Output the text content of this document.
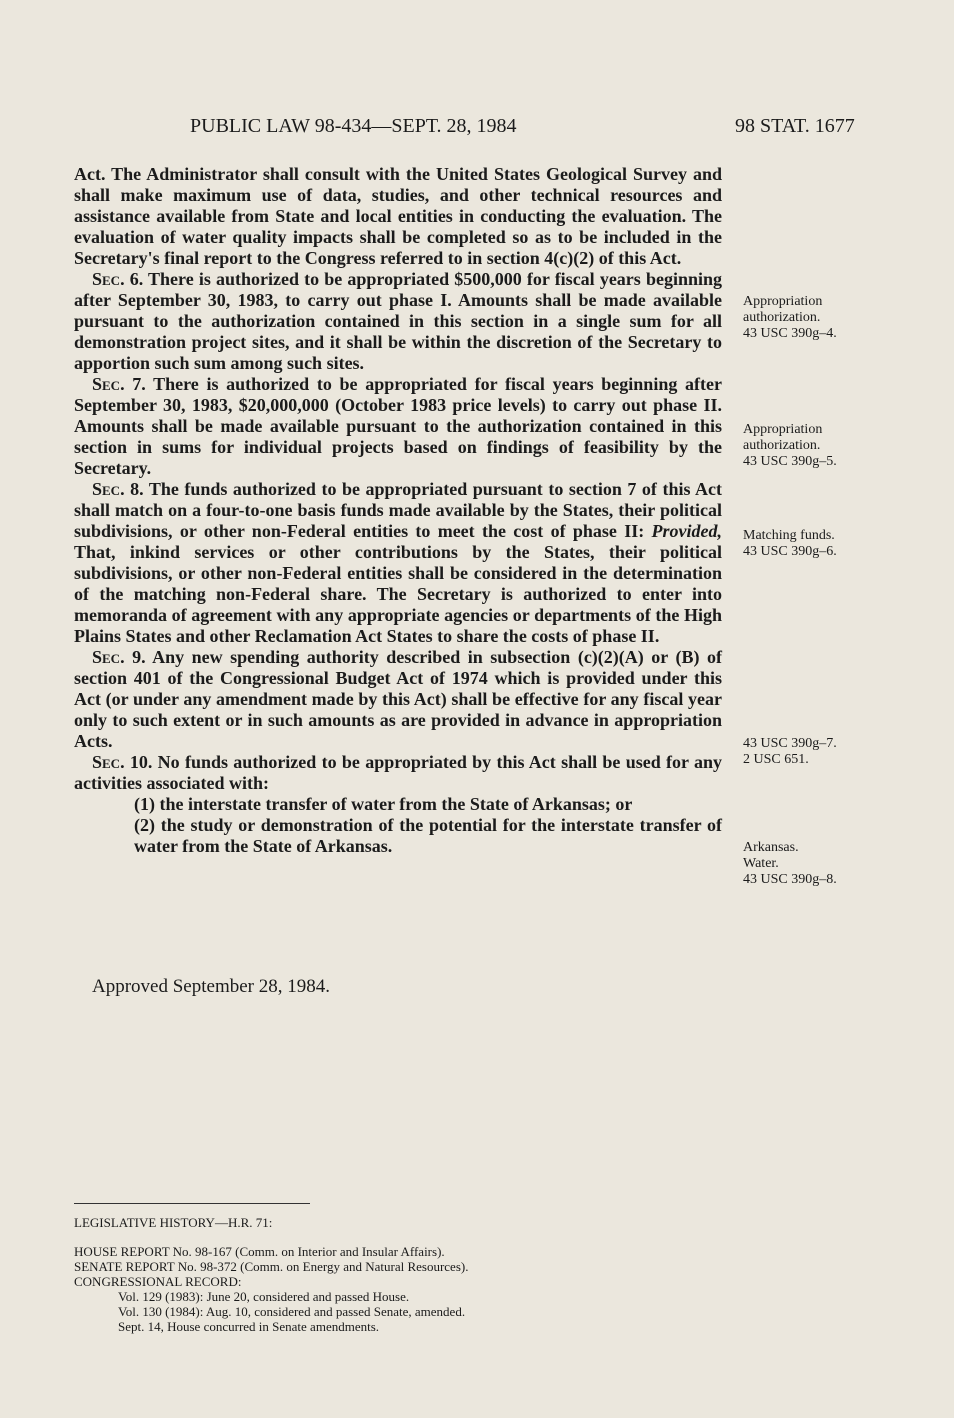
PUBLIC LAW 98-434—SEPT. 28, 1984	98 STAT. 1677

Act. The Administrator shall consult with the United States Geological Survey and shall make maximum use of data, studies, and other technical resources and assistance available from State and local entities in conducting the evaluation. The evaluation of water quality impacts shall be completed so as to be included in the Secretary's final report to the Congress referred to in section 4(c)(2) of this Act.

Sec. 6. There is authorized to be appropriated $500,000 for fiscal years beginning after September 30, 1983, to carry out phase I. Amounts shall be made available pursuant to the authorization contained in this section in a single sum for all demonstration project sites, and it shall be within the discretion of the Secretary to apportion such sum among such sites.

Sec. 7. There is authorized to be appropriated for fiscal years beginning after September 30, 1983, $20,000,000 (October 1983 price levels) to carry out phase II. Amounts shall be made available pursuant to the authorization contained in this section in sums for individual projects based on findings of feasibility by the Secretary.

Sec. 8. The funds authorized to be appropriated pursuant to section 7 of this Act shall match on a four-to-one basis funds made available by the States, their political subdivisions, or other non-Federal entities to meet the cost of phase II: Provided, That, inkind services or other contributions by the States, their political subdivisions, or other non-Federal entities shall be considered in the determination of the matching non-Federal share. The Secretary is authorized to enter into memoranda of agreement with any appropriate agencies or departments of the High Plains States and other Reclamation Act States to share the costs of phase II.

Sec. 9. Any new spending authority described in subsection (c)(2)(A) or (B) of section 401 of the Congressional Budget Act of 1974 which is provided under this Act (or under any amendment made by this Act) shall be effective for any fiscal year only to such extent or in such amounts as are provided in advance in appropriation Acts.

Sec. 10. No funds authorized to be appropriated by this Act shall be used for any activities associated with:

(1) the interstate transfer of water from the State of Arkansas; or

(2) the study or demonstration of the potential for the interstate transfer of water from the State of Arkansas.

Approved September 28, 1984.
Appropriation
authorization.
43 USC 390g–4.
Appropriation
authorization.
43 USC 390g–5.
Matching funds.
43 USC 390g–6.
43 USC 390g–7.
2 USC 651.
Arkansas.
Water.
43 USC 390g–8.
LEGISLATIVE HISTORY—H.R. 71:
HOUSE REPORT No. 98-167 (Comm. on Interior and Insular Affairs).
SENATE REPORT No. 98-372 (Comm. on Energy and Natural Resources).
CONGRESSIONAL RECORD:
Vol. 129 (1983): June 20, considered and passed House.
Vol. 130 (1984): Aug. 10, considered and passed Senate, amended.
Sept. 14, House concurred in Senate amendments.
